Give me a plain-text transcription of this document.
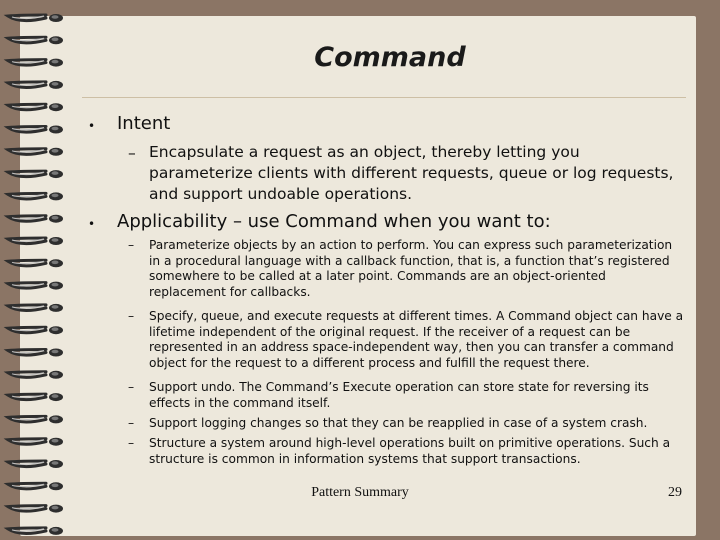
Command
• Intent
– Encapsulate a request as an object, thereby letting you parameterize clients with different requests, queue or log requests, and support undoable operations.
• Applicability – use Command when you want to:
– Parameterize objects by an action to perform. You can express such parameterization in a procedural language with a callback function, that is, a function that’s registered somewhere to be called at a later point. Commands are an object-oriented replacement for callbacks.
– Specify, queue, and execute requests at different times. A Command object can have a lifetime independent of the original request. If the receiver of a request can be represented in an address space-independent way, then you can transfer a command object for the request to a different process and fulfill the request there.
– Support undo. The Command’s Execute operation can store state for reversing its effects in the command itself.
– Support logging changes so that they can be reapplied in case of a system crash.
– Structure a system around high-level operations built on primitive operations. Such a structure is common in information systems that support transactions.
Pattern Summary	29
